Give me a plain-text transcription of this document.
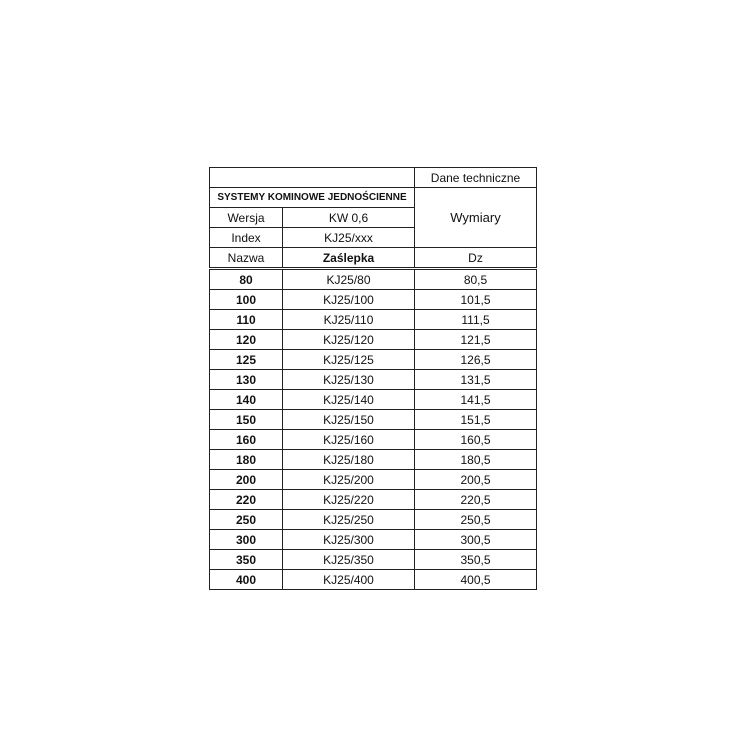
		Dane techniczne
SYSTEMY KOMINOWE JEDNOŚCIENNE		Wymiary
Wersja	KW 0,6	
Index	KJ25/xxx	
Nazwa	Zaślepka	Dz
80	KJ25/80	80,5
100	KJ25/100	101,5
110	KJ25/110	111,5
120	KJ25/120	121,5
125	KJ25/125	126,5
130	KJ25/130	131,5
140	KJ25/140	141,5
150	KJ25/150	151,5
160	KJ25/160	160,5
180	KJ25/180	180,5
200	KJ25/200	200,5
220	KJ25/220	220,5
250	KJ25/250	250,5
300	KJ25/300	300,5
350	KJ25/350	350,5
400	KJ25/400	400,5
